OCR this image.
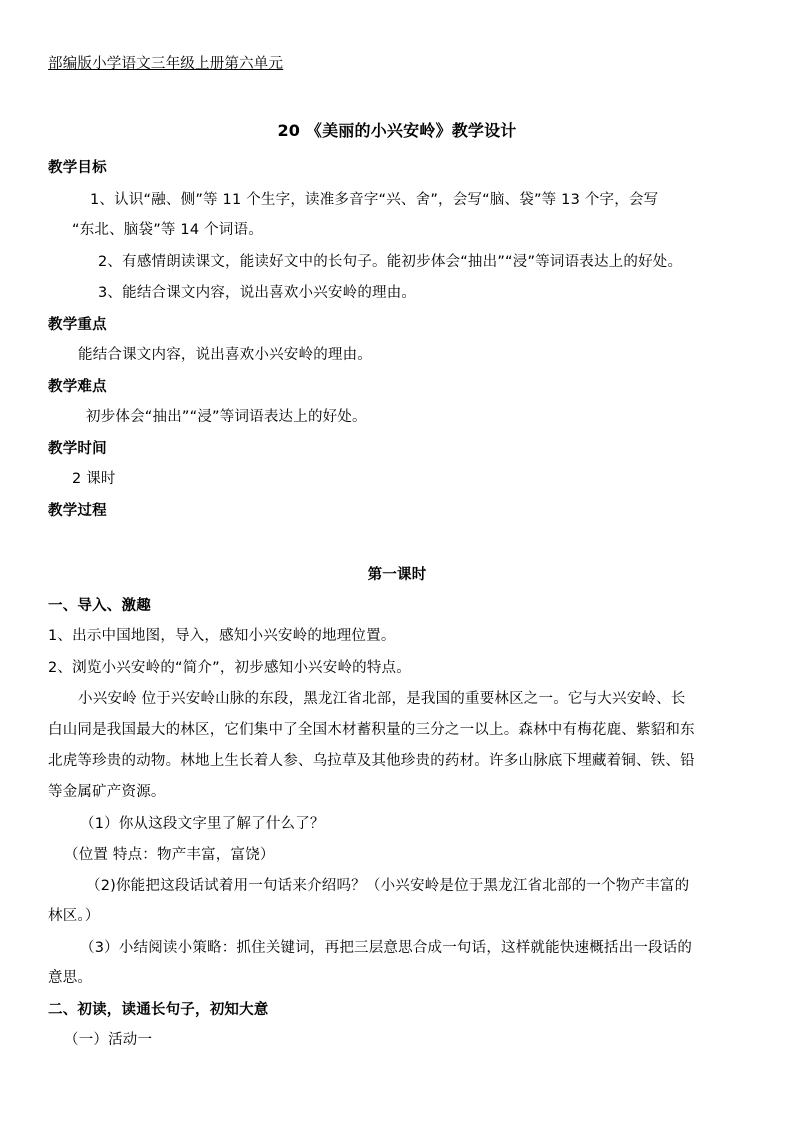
部编版小学语文三年级上册第六单元
20 《美丽的小兴安岭》教学设计
教学目标
1、认识“融、侧”等 11 个生字，读准多音字“兴、舍”，会写“脑、袋”等 13 个字，会写
“东北、脑袋”等 14 个词语。
2、有感情朗读课文，能读好文中的长句子。能初步体会“抽出”“浸”等词语表达上的好处。
3、能结合课文内容，说出喜欢小兴安岭的理由。
教学重点
能结合课文内容，说出喜欢小兴安岭的理由。
教学难点
初步体会“抽出”“浸”等词语表达上的好处。
教学时间
2 课时
教学过程
第一课时
一、导入、激趣
1、出示中国地图，导入，感知小兴安岭的地理位置。
2、浏览小兴安岭的“简介”，初步感知小兴安岭的特点。
小兴安岭 位于兴安岭山脉的东段，黑龙江省北部，是我国的重要林区之一。它与大兴安岭、长
白山同是我国最大的林区，它们集中了全国木材蓄积量的三分之一以上。森林中有梅花鹿、紫貂和东
北虎等珍贵的动物。林地上生长着人参、乌拉草及其他珍贵的药材。许多山脉底下埋藏着铜、铁、铅
等金属矿产资源。
（1）你从这段文字里了解了什么了？
（位置 特点：物产丰富，富饶）
（2)你能把这段话试着用一句话来介绍吗？（小兴安岭是位于黑龙江省北部的一个物产丰富的
林区。）
（3）小结阅读小策略：抓住关键词，再把三层意思合成一句话，这样就能快速概括出一段话的
意思。
二、初读，读通长句子，初知大意
（一）活动一
